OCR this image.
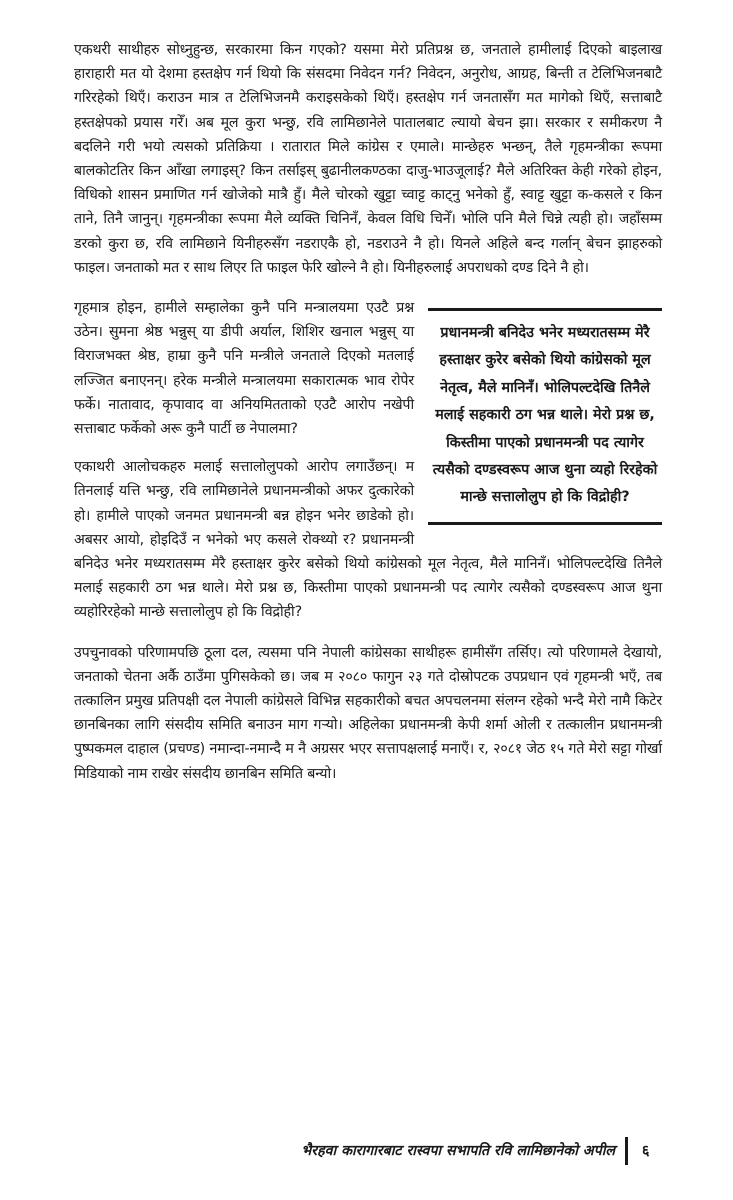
एकथरी साथीहरु सोध्नुहुन्छ, सरकारमा किन गएको? यसमा मेरो प्रतिप्रश्न छ, जनताले हामीलाई दिएको बाइलाख हाराहारी मत यो देशमा हस्तक्षेप गर्न थियो कि संसदमा निवेदन गर्न? निवेदन, अनुरोध, आग्रह, बिन्ती त टेलिभिजनबाटै गरिरहेको थिएँ। कराउन मात्र त टेलिभिजनमै कराइसकेको थिएँ। हस्तक्षेप गर्न जनतासँग मत मागेको थिएँ, सत्ताबाटै हस्तक्षेपको प्रयास गरेँ। अब मूल कुरा भन्छु, रवि लामिछानेले पातालबाट ल्यायो बेचन झा। सरकार र समीकरण नै बदलिने गरी भयो त्यसको प्रतिक्रिया । रातारात मिले कांग्रेस र एमाले। मान्छेहरु भन्छन्, तैले गृहमन्त्रीका रूपमा बालकोटतिर किन आँखा लगाइस्? किन तर्साइस् बुढानीलकण्ठका दाजु-भाउजूलाई? मैले अतिरिक्त केही गरेको होइन, विधिको शासन प्रमाणित गर्न खोजेको मात्रै हुँ। मैले चोरको खुट्टा च्वाट्ट काट्नु भनेको हुँ, स्वाट्ट खुट्टा क-कसले र किन ताने, तिनै जानुन्। गृहमन्त्रीका रूपमा मैले व्यक्ति चिनिनँ, केवल विधि चिनेँ। भोलि पनि मैले चिन्ने त्यही हो। जहाँसम्म डरको कुरा छ, रवि लामिछाने यिनीहरुसँग नडराएकै हो, नडराउने नै हो। यिनले अहिले बन्द गर्लान् बेचन झाहरुको फाइल। जनताको मत र साथ लिएर ति फाइल फेरि खोल्ने नै हो। यिनीहरुलाई अपराधको दण्ड दिने नै हो।

प्रधानमन्त्री बनिदेउ भनेर मध्यरातसम्म मेरै हस्ताक्षर कुरेर बसेको थियो कांग्रेसको मूल नेतृत्व, मैले मानिनँ। भोलिपल्टदेखि तिनैले मलाई सहकारी ठग भन्न थाले। मेरो प्रश्न छ, किस्तीमा पाएको प्रधानमन्त्री पद त्यागेर त्यसैको दण्डस्वरूप आज थुना व्यहो रिरहेको मान्छे सत्तालोलुप हो कि विद्रोही?

गृहमात्र होइन, हामीले सम्हालेका कुनै पनि मन्त्रालयमा एउटै प्रश्न उठेन। सुमना श्रेष्ठ भन्नुस् या डीपी अर्याल, शिशिर खनाल भन्नुस् या विराजभक्त श्रेष्ठ, हाम्रा कुनै पनि मन्त्रीले जनताले दिएको मतलाई लज्जित बनाएनन्। हरेक मन्त्रीले मन्त्रालयमा सकारात्मक भाव रोपेर फर्के। नातावाद, कृपावाद वा अनियमितताको एउटै आरोप नखेपी सत्ताबाट फर्केको अरू कुनै पार्टी छ नेपालमा?

एकाथरी आलोचकहरु मलाई सत्तालोलुपको आरोप लगाउँछन्। म तिनलाई यत्ति भन्छु, रवि लामिछानेले प्रधानमन्त्रीको अफर दुत्कारेको हो। हामीले पाएको जनमत प्रधानमन्त्री बन्न होइन भनेर छाडेको हो। अबसर आयो, होइदिउँ न भनेको भए कसले रोक्थ्यो र? प्रधानमन्त्री बनिदेउ भनेर मध्यरातसम्म मेरै हस्ताक्षर कुरेर बसेको थियो कांग्रेसको मूल नेतृत्व, मैले मानिनँ। भोलिपल्टदेखि तिनैले मलाई सहकारी ठग भन्न थाले। मेरो प्रश्न छ, किस्तीमा पाएको प्रधानमन्त्री पद त्यागेर त्यसैको दण्डस्वरूप आज थुना व्यहोरिरहेको मान्छे सत्तालोलुप हो कि विद्रोही?

उपचुनावको परिणामपछि ठूला दल, त्यसमा पनि नेपाली कांग्रेसका साथीहरू हामीसँग तर्सिए। त्यो परिणामले देखायो, जनताको चेतना अर्कै ठाउँमा पुगिसकेको छ। जब म २०८० फागुन २३ गते दोस्रोपटक उपप्रधान एवं गृहमन्त्री भएँ, तब तत्कालिन प्रमुख प्रतिपक्षी दल नेपाली कांग्रेसले विभिन्न सहकारीको बचत अपचलनमा संलग्न रहेको भन्दै मेरो नामै किटेर छानबिनका लागि संसदीय समिति बनाउन माग गऱ्यो। अहिलेका प्रधानमन्त्री केपी शर्मा ओली र तत्कालीन प्रधानमन्त्री पुष्पकमल दाहाल (प्रचण्ड) नमान्दा-नमान्दै म नै अग्रसर भएर सत्तापक्षलाई मनाएँ। र, २०८१ जेठ १५ गते मेरो सट्टा गोर्खा मिडियाको नाम राखेर संसदीय छानबिन समिति बन्यो।

भैरहवा कारागारबाट रास्वपा सभापति रवि लामिछानेको अपील ६
